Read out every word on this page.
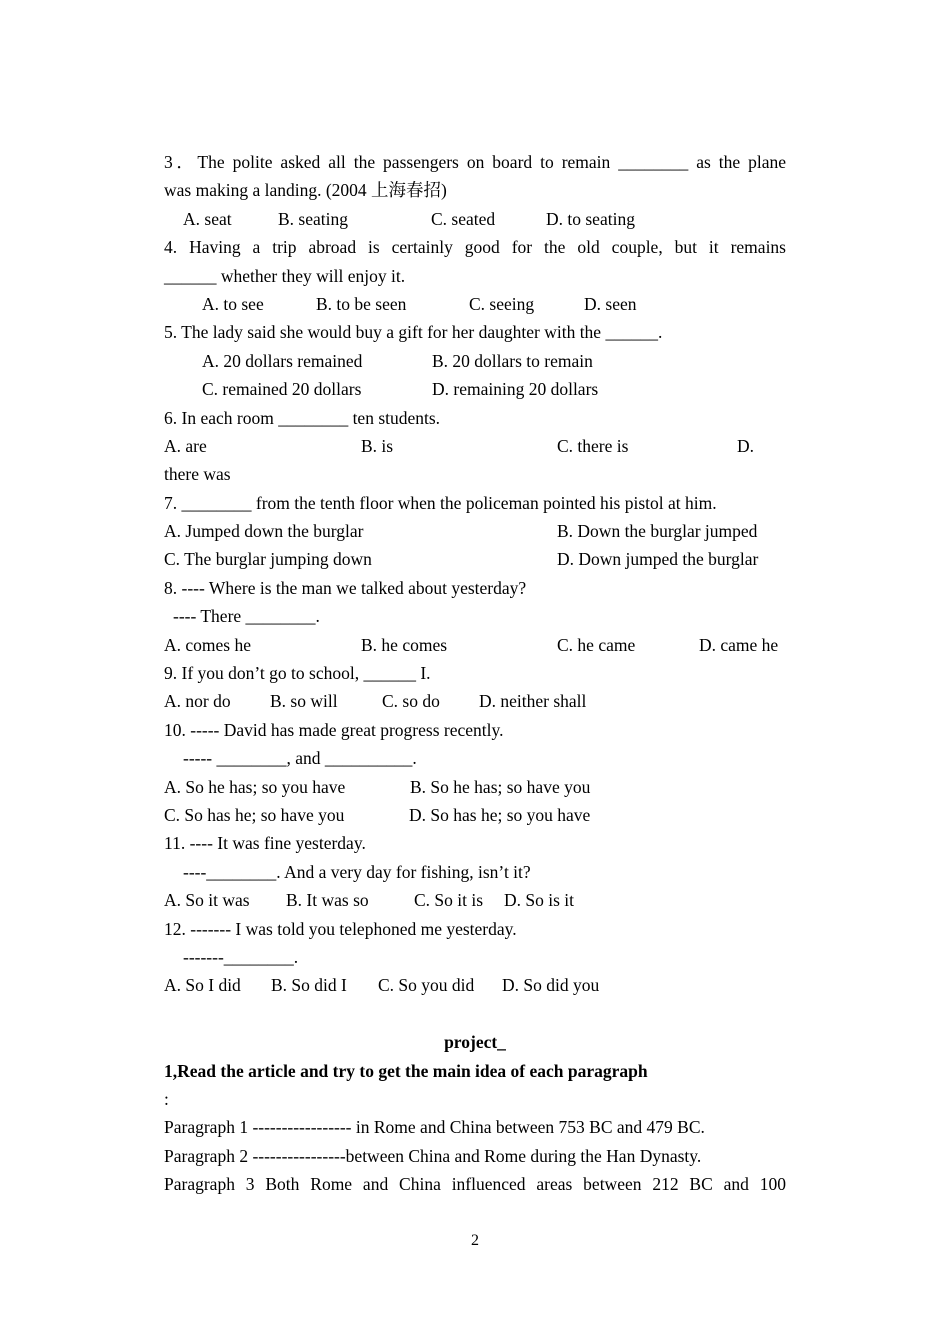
3．The polite asked all the passengers on board to remain ________ as the plane
was making a landing. (2004 上海春招)
A. seat	B. seating	C. seated	D. to seating
4. Having a trip abroad is certainly good for the old couple, but it remains
______ whether they will enjoy it.
A. to see	B. to be seen	C. seeing	D. seen
5. The lady said she would buy a gift for her daughter with the ______.
A. 20 dollars remained	B. 20 dollars to remain
C. remained 20 dollars	D. remaining 20 dollars
6. In each room ________ ten students.
A. are	B. is	C. there is	D.
there was
7. ________ from the tenth floor when the policeman pointed his pistol at him.
A. Jumped down the burglar	B. Down the burglar jumped
C. The burglar jumping down	D. Down jumped the burglar
8. ---- Where is the man we talked about yesterday?
---- There ________.
A. comes he	B. he comes	C. he came	D. came he
9. If you don’t go to school, ______ I.
A. nor do	B. so will	C. so do	D. neither shall
10. ----- David has made great progress recently.
----- ________, and __________.
A. So he has; so you have	B. So he has; so have you
C. So has he; so have you	D. So has he; so you have
11. ---- It was fine yesterday.
----________. And a very day for fishing, isn’t it?
A. So it was	B. It was so	C. So it is	D. So is it
12. ------- I was told you telephoned me yesterday.
-------________.
A. So I did	B. So did I	C. So you did	D. So did you
project_
1,Read the article and try to get the main idea of each paragraph
:
Paragraph 1 ----------------- in Rome and China between 753 BC and 479 BC.
Paragraph 2 ----------------between China and Rome during the Han Dynasty.
Paragraph 3 Both Rome and China influenced areas between 212 BC and 100
2
